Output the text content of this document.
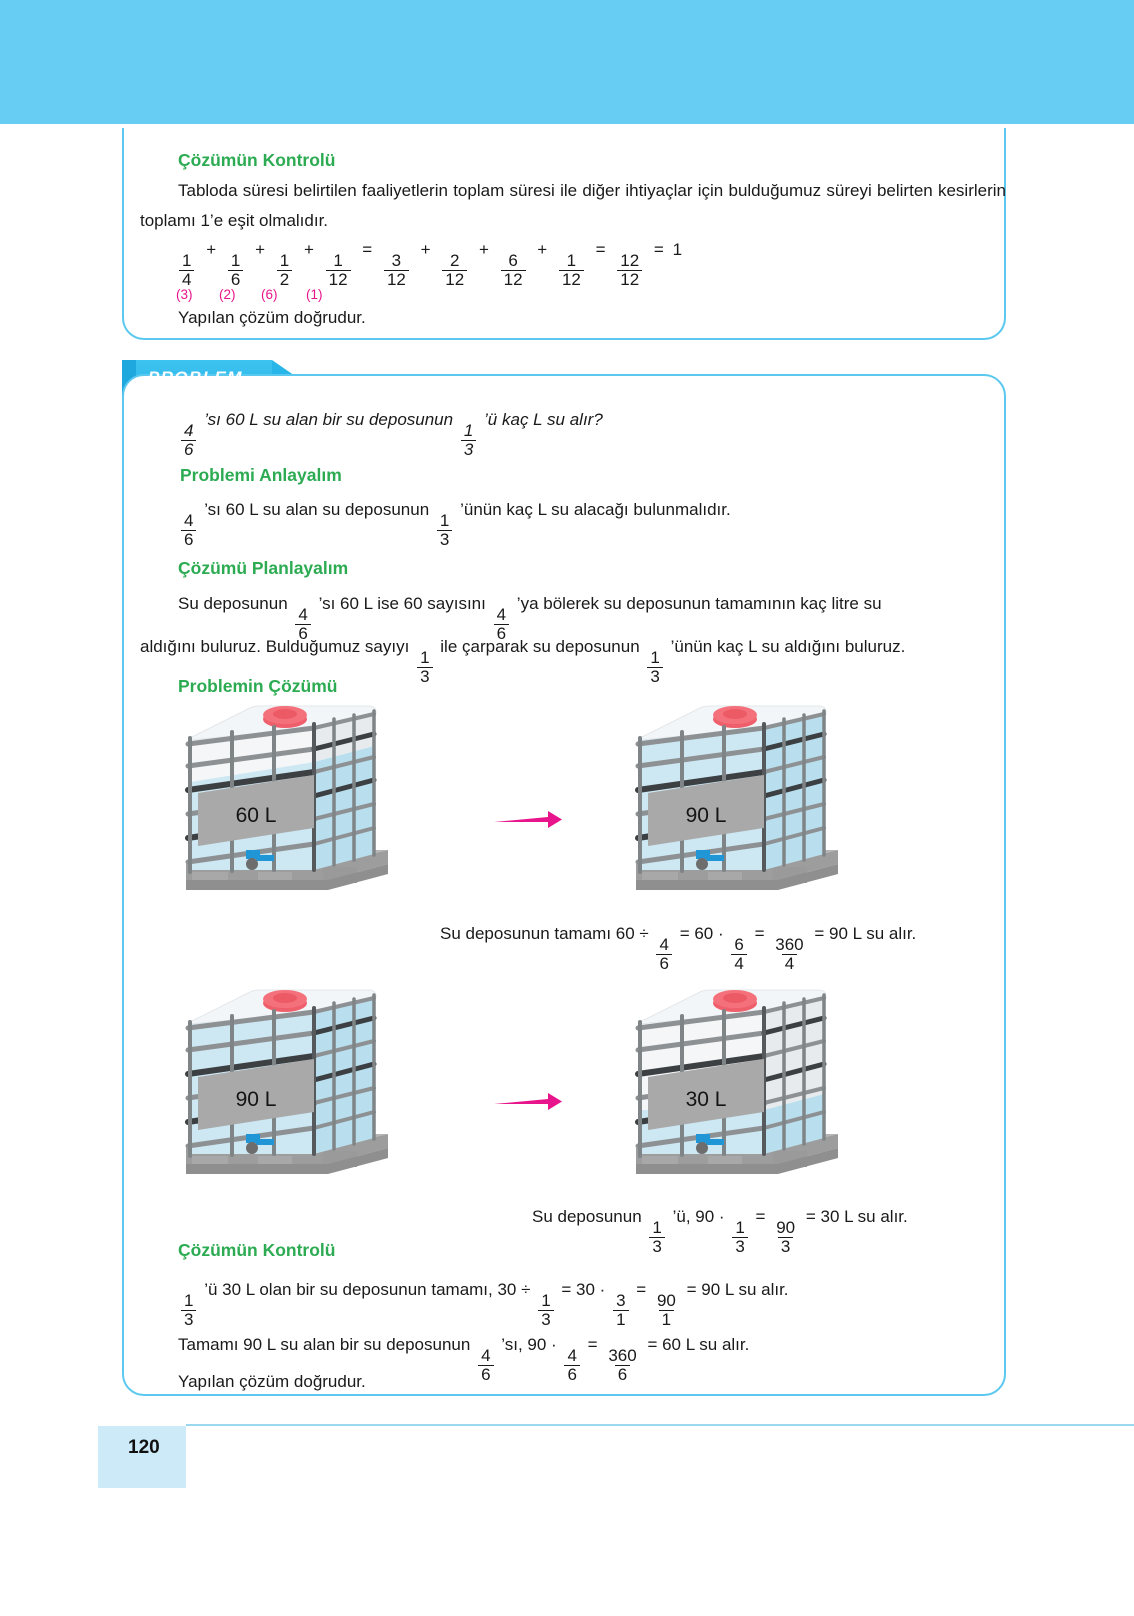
Çözümün Kontrolü
Tabloda süresi belirtilen faaliyetlerin toplam süresi ile diğer ihtiyaçlar için bulduğumuz süreyi belirten kesirlerin toplamı 1’e eşit olmalıdır.
$\frac{1}{4}$
+
$\frac{1}{6}$
+
$\frac{1}{2}$
+
$\frac{1}{12}$
=
$\frac{3}{12}$
+
$\frac{2}{12}$
+
$\frac{6}{12}$
+
$\frac{1}{12}$
=
$\frac{12}{12}$
= 1
(3) (2) (6) (1)
Yapılan çözüm doğrudur.
PROBLEM
$\frac{4}{6}$
’sı 60 L su alan bir su deposunun
$\frac{1}{3}$
’ü kaç L su alır?
Problemi Anlayalım
$\frac{4}{6}$
’sı 60 L su alan su deposunun
$\frac{1}{3}$
’ünün kaç L su alacağı bulunmalıdır.
Çözümü Planlayalım
Su deposunun
$\frac{4}{6}$
’sı 60 L ise 60 sayısını
$\frac{4}{6}$
’ya bölerek su deposunun tamamının kaç litre su
aldığını buluruz. Bulduğumuz sayıyı
$\frac{1}{3}$
ile çarparak su deposunun
$\frac{1}{3}$
’ünün kaç L su aldığını buluruz.
Problemin Çözümü
60 L	90 L
Su deposunun tamamı 60 ÷
$\frac{4}{6}$
= 60 ·
$\frac{6}{4}$
=
$\frac{360}{4}$
= 90 L su alır.
90 L	30 L
Su deposunun
$\frac{1}{3}$
’ü, 90 ·
$\frac{1}{3}$
=
$\frac{90}{3}$
= 30 L su alır.
Çözümün Kontrolü
$\frac{1}{3}$
’ü 30 L olan bir su deposunun tamamı, 30 ÷
$\frac{1}{3}$
= 30 ·
$\frac{3}{1}$
=
$\frac{90}{1}$
= 90 L su alır.
Tamamı 90 L su alan bir su deposunun
$\frac{4}{6}$
’sı, 90 ·
$\frac{4}{6}$
=
$\frac{360}{6}$
= 60 L su alır.
Yapılan çözüm doğrudur.
120
